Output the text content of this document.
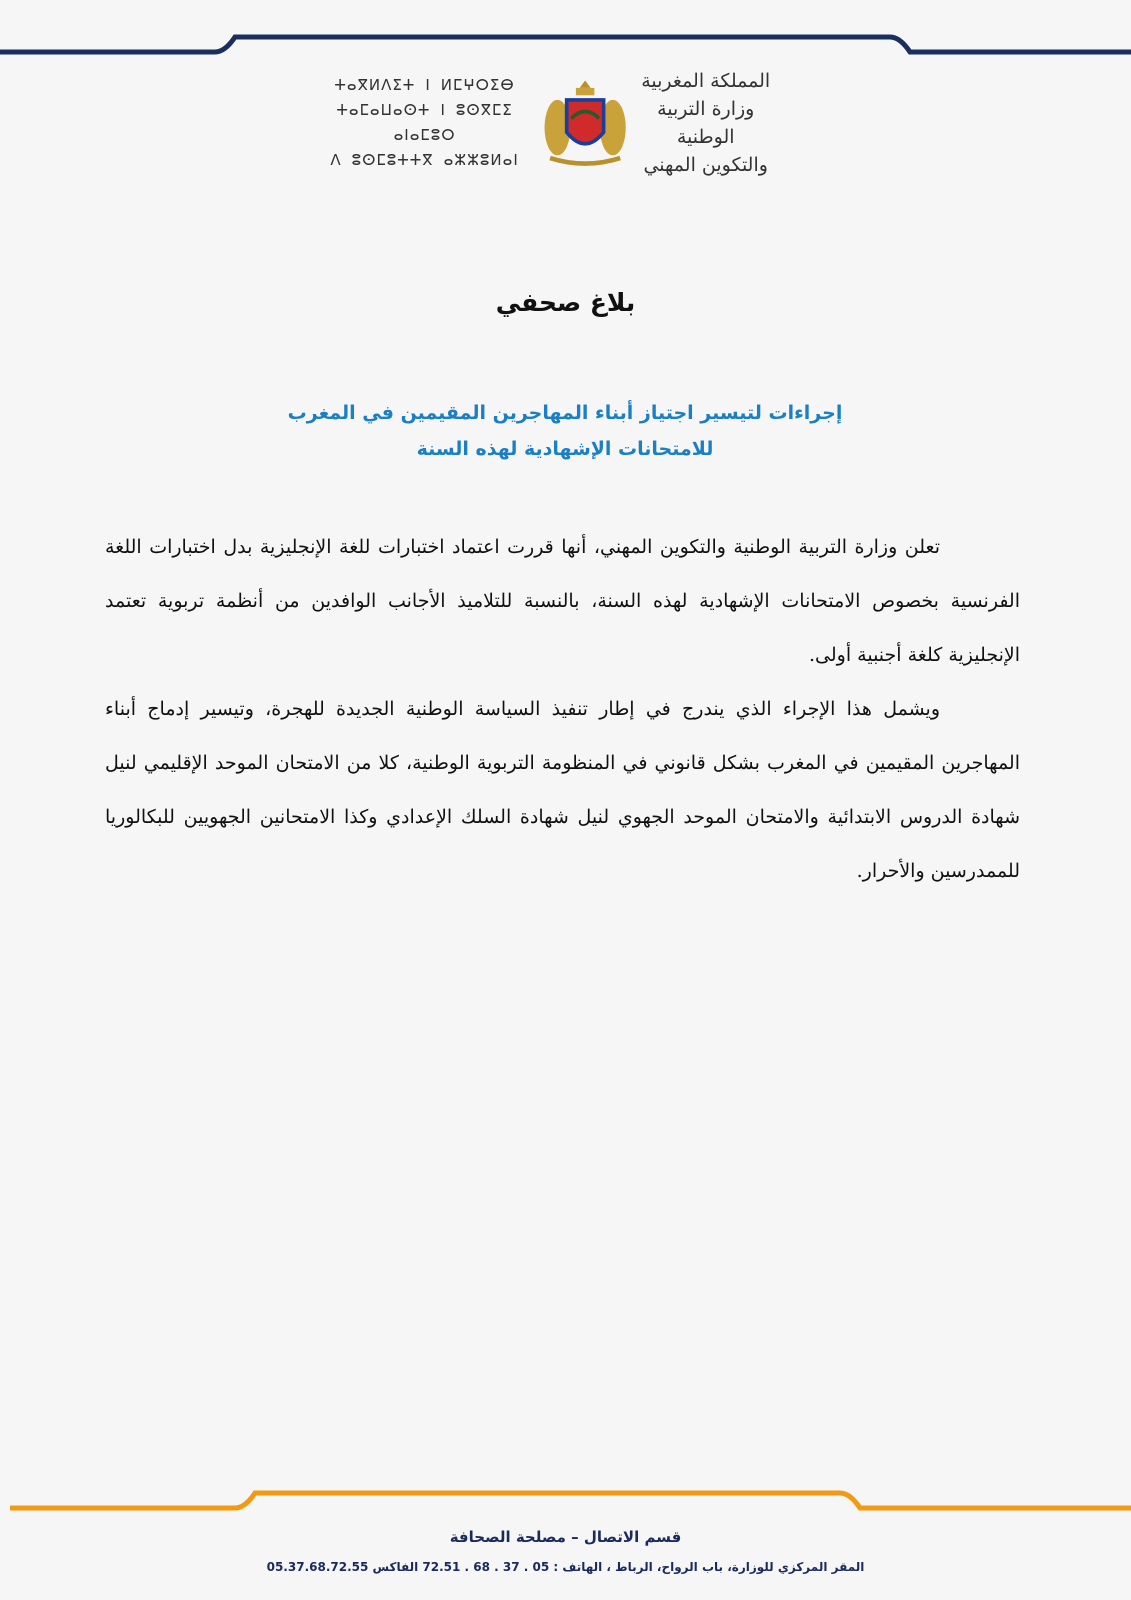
ⵜⴰⴳⵍⴷⵉⵜ ⵏ ⵍⵎⵖⵔⵉⴱ
ⵜⴰⵎⴰⵡⴰⵙⵜ ⵏ ⵓⵙⴳⵎⵉ ⴰⵏⴰⵎⵓⵔ
ⴷ ⵓⵙⵎⵓⵜⵜⴳ ⴰⵣⵣⵓⵍⴰⵏ
المملكة المغربية
وزارة التربية الوطنية
والتكوين المهني
بلاغ صحفي
إجراءات لتيسير اجتياز أبناء المهاجرين المقيمين في المغرب
للامتحانات الإشهادية لهذه السنة

تعلن وزارة التربية الوطنية والتكوين المهني، أنها قررت اعتماد اختبارات للغة الإنجليزية بدل اختبارات اللغة الفرنسية بخصوص الامتحانات الإشهادية لهذه السنة، بالنسبة للتلاميذ الأجانب الوافدين من أنظمة تربوية تعتمد الإنجليزية كلغة أجنبية أولى.

ويشمل هذا الإجراء الذي يندرج في إطار تنفيذ السياسة الوطنية الجديدة للهجرة، وتيسير إدماج أبناء المهاجرين المقيمين في المغرب بشكل قانوني في المنظومة التربوية الوطنية، كلا من الامتحان الموحد الإقليمي لنيل شهادة الدروس الابتدائية والامتحان الموحد الجهوي لنيل شهادة السلك الإعدادي وكذا الامتحانين الجهويين للبكالوريا للممدرسين والأحرار.

قسم الاتصال – مصلحة الصحافة
المقر المركزي للوزارة، باب الرواح، الرباط ، الهاتف : 05 . 37 . 68 . 72.51 الفاكس 05.37.68.72.55
